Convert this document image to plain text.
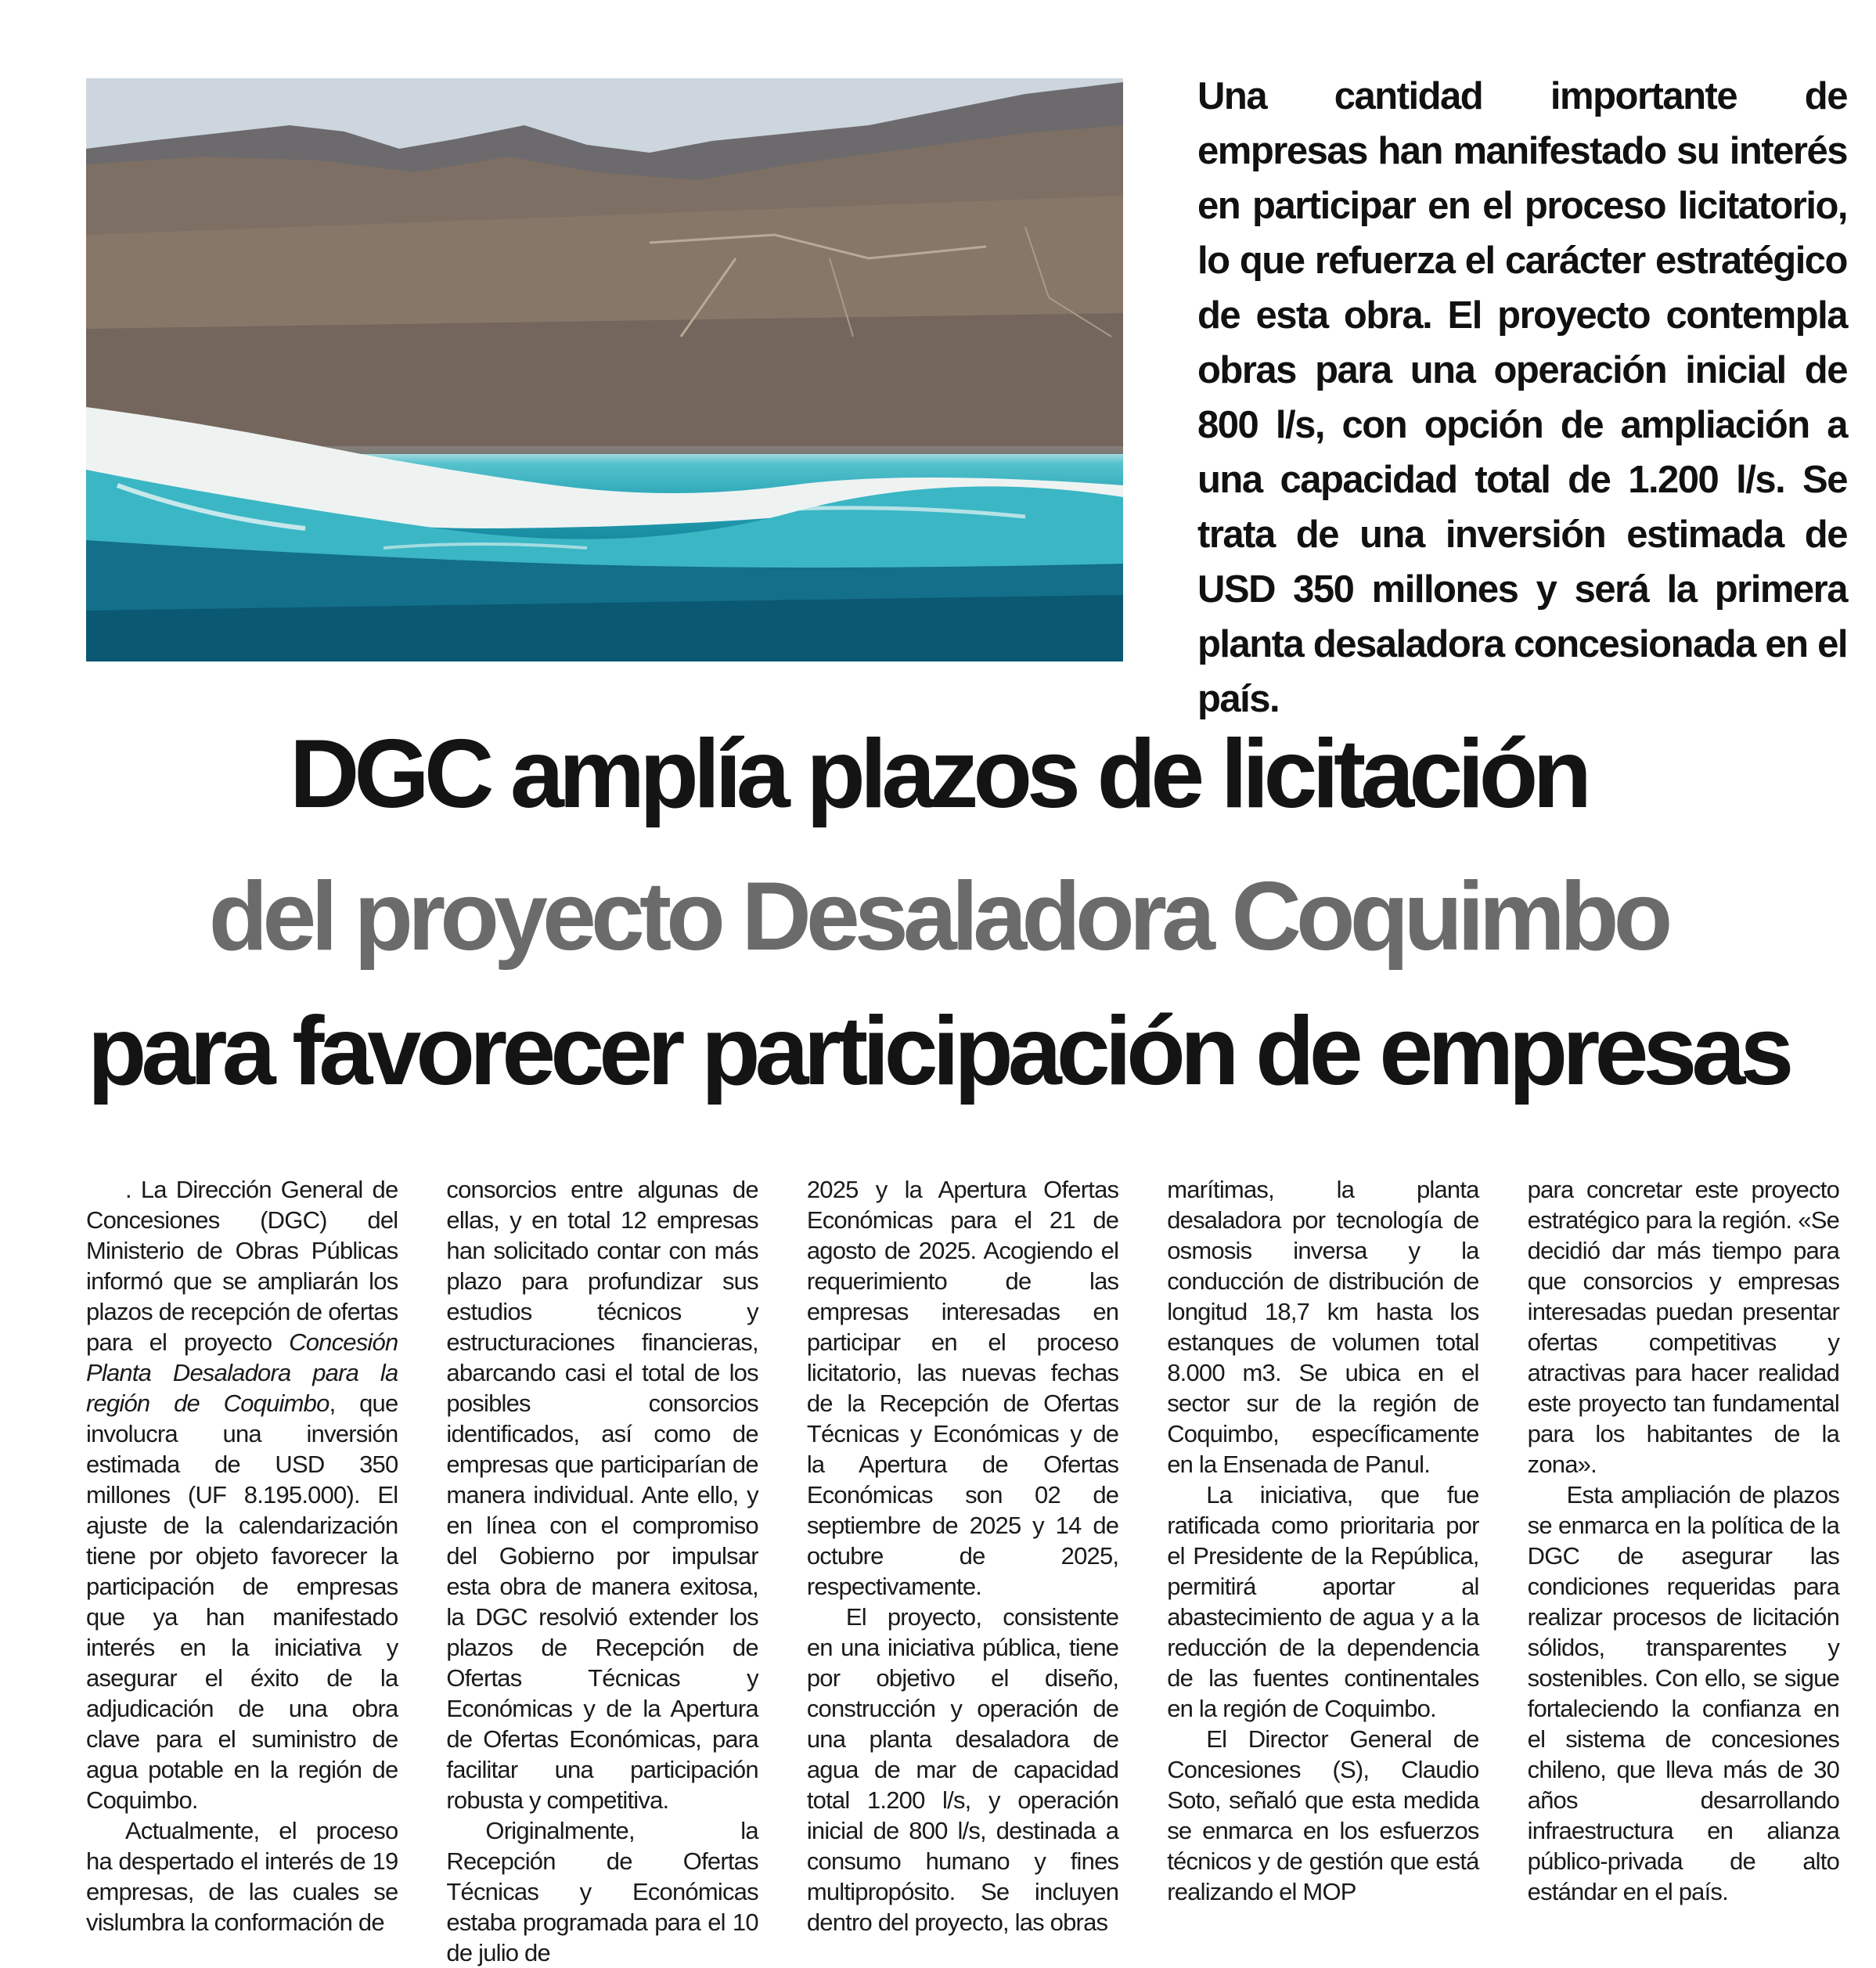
Una cantidad importante de empresas han manifestado su interés en participar en el proceso licitatorio, lo que refuerza el carácter estratégico de esta obra. El proyecto contempla obras para una operación inicial de 800 l/s, con opción de ampliación a una capacidad total de 1.200 l/s. Se trata de una inversión estimada de USD 350 millones y será la primera planta desaladora concesionada en el país.
DGC amplía plazos de licitación
del proyecto Desaladora Coquimbo
para favorecer participación de empresas

. La Dirección General de Concesiones (DGC) del Ministerio de Obras Públicas informó que se ampliarán los plazos de recepción de ofertas para el proyecto Concesión Planta Desaladora para la región de Coquimbo, que involucra una inversión estimada de USD 350 millones (UF 8.195.000). El ajuste de la calendarización tiene por objeto favorecer la participación de empresas que ya han manifestado interés en la iniciativa y asegurar el éxito de la adjudicación de una obra clave para el suministro de agua potable en la región de Coquimbo.

Actualmente, el proceso ha despertado el interés de 19 empresas, de las cuales se vislumbra la conformación de

consorcios entre algunas de ellas, y en total 12 empresas han solicitado contar con más plazo para profundizar sus estudios técnicos y estructuraciones financieras, abarcando casi el total de los posibles consorcios identificados, así como de empresas que participarían de manera individual. Ante ello, y en línea con el compromiso del Gobierno por impulsar esta obra de manera exitosa, la DGC resolvió extender los plazos de Recepción de Ofertas Técnicas y Económicas y de la Apertura de Ofertas Económicas, para facilitar una participación robusta y competitiva.

Originalmente, la Recepción de Ofertas Técnicas y Económicas estaba programada para el 10 de julio de

2025 y la Apertura Ofertas Económicas para el 21 de agosto de 2025. Acogiendo el requerimiento de las empresas interesadas en participar en el proceso licitatorio, las nuevas fechas de la Recepción de Ofertas Técnicas y Económicas y de la Apertura de Ofertas Económicas son 02 de septiembre de 2025 y 14 de octubre de 2025, respectivamente.

El proyecto, consistente en una iniciativa pública, tiene por objetivo el diseño, construcción y operación de una planta desaladora de agua de mar de capacidad total 1.200 l/s, y operación inicial de 800 l/s, destinada a consumo humano y fines multipropósito. Se incluyen dentro del proyecto, las obras

marítimas, la planta desaladora por tecnología de osmosis inversa y la conducción de distribución de longitud 18,7 km hasta los estanques de volumen total 8.000 m3. Se ubica en el sector sur de la región de Coquimbo, específicamente en la Ensenada de Panul.

La iniciativa, que fue ratificada como prioritaria por el Presidente de la República, permitirá aportar al abastecimiento de agua y a la reducción de la dependencia de las fuentes continentales en la región de Coquimbo.

El Director General de Concesiones (S), Claudio Soto, señaló que esta medida se enmarca en los esfuerzos técnicos y de gestión que está realizando el MOP

para concretar este proyecto estratégico para la región. «Se decidió dar más tiempo para que consorcios y empresas interesadas puedan presentar ofertas competitivas y atractivas para hacer realidad este proyecto tan fundamental para los habitantes de la zona».

Esta ampliación de plazos se enmarca en la política de la DGC de asegurar las condiciones requeridas para realizar procesos de licitación sólidos, transparentes y sostenibles. Con ello, se sigue fortaleciendo la confianza en el sistema de concesiones chileno, que lleva más de 30 años desarrollando infraestructura en alianza público-privada de alto estándar en el país.
